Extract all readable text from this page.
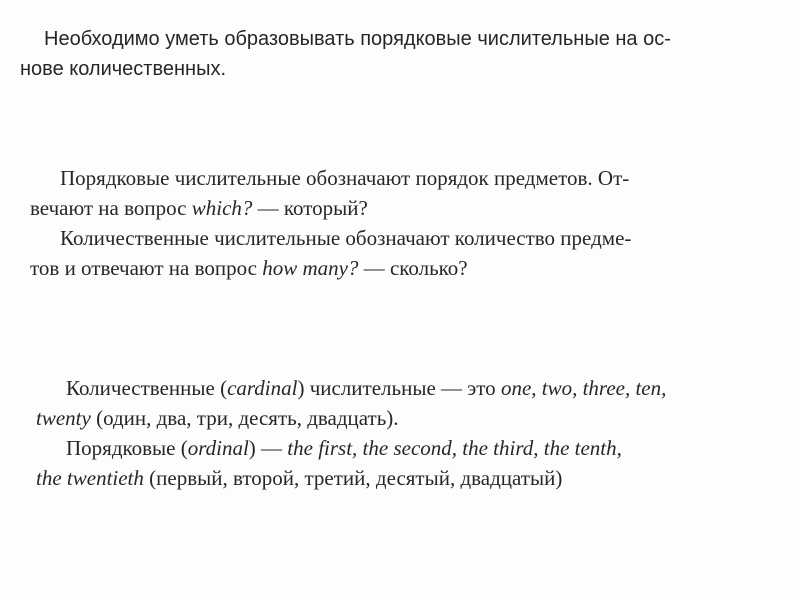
Необходимо уметь образовывать порядковые числительные на ос-
нове количественных.
Порядковые числительные обозначают порядок предметов. От-
вечают на вопрос which? — который?
Количественные числительные обозначают количество предме-
тов и отвечают на вопрос how many? — сколько?
Количественные (cardinal) числительные — это one, two, three, ten,
twenty (один, два, три, десять, двадцать).
Порядковые (ordinal) — the first, the second, the third, the tenth,
the twentieth (первый, второй, третий, десятый, двадцатый)
